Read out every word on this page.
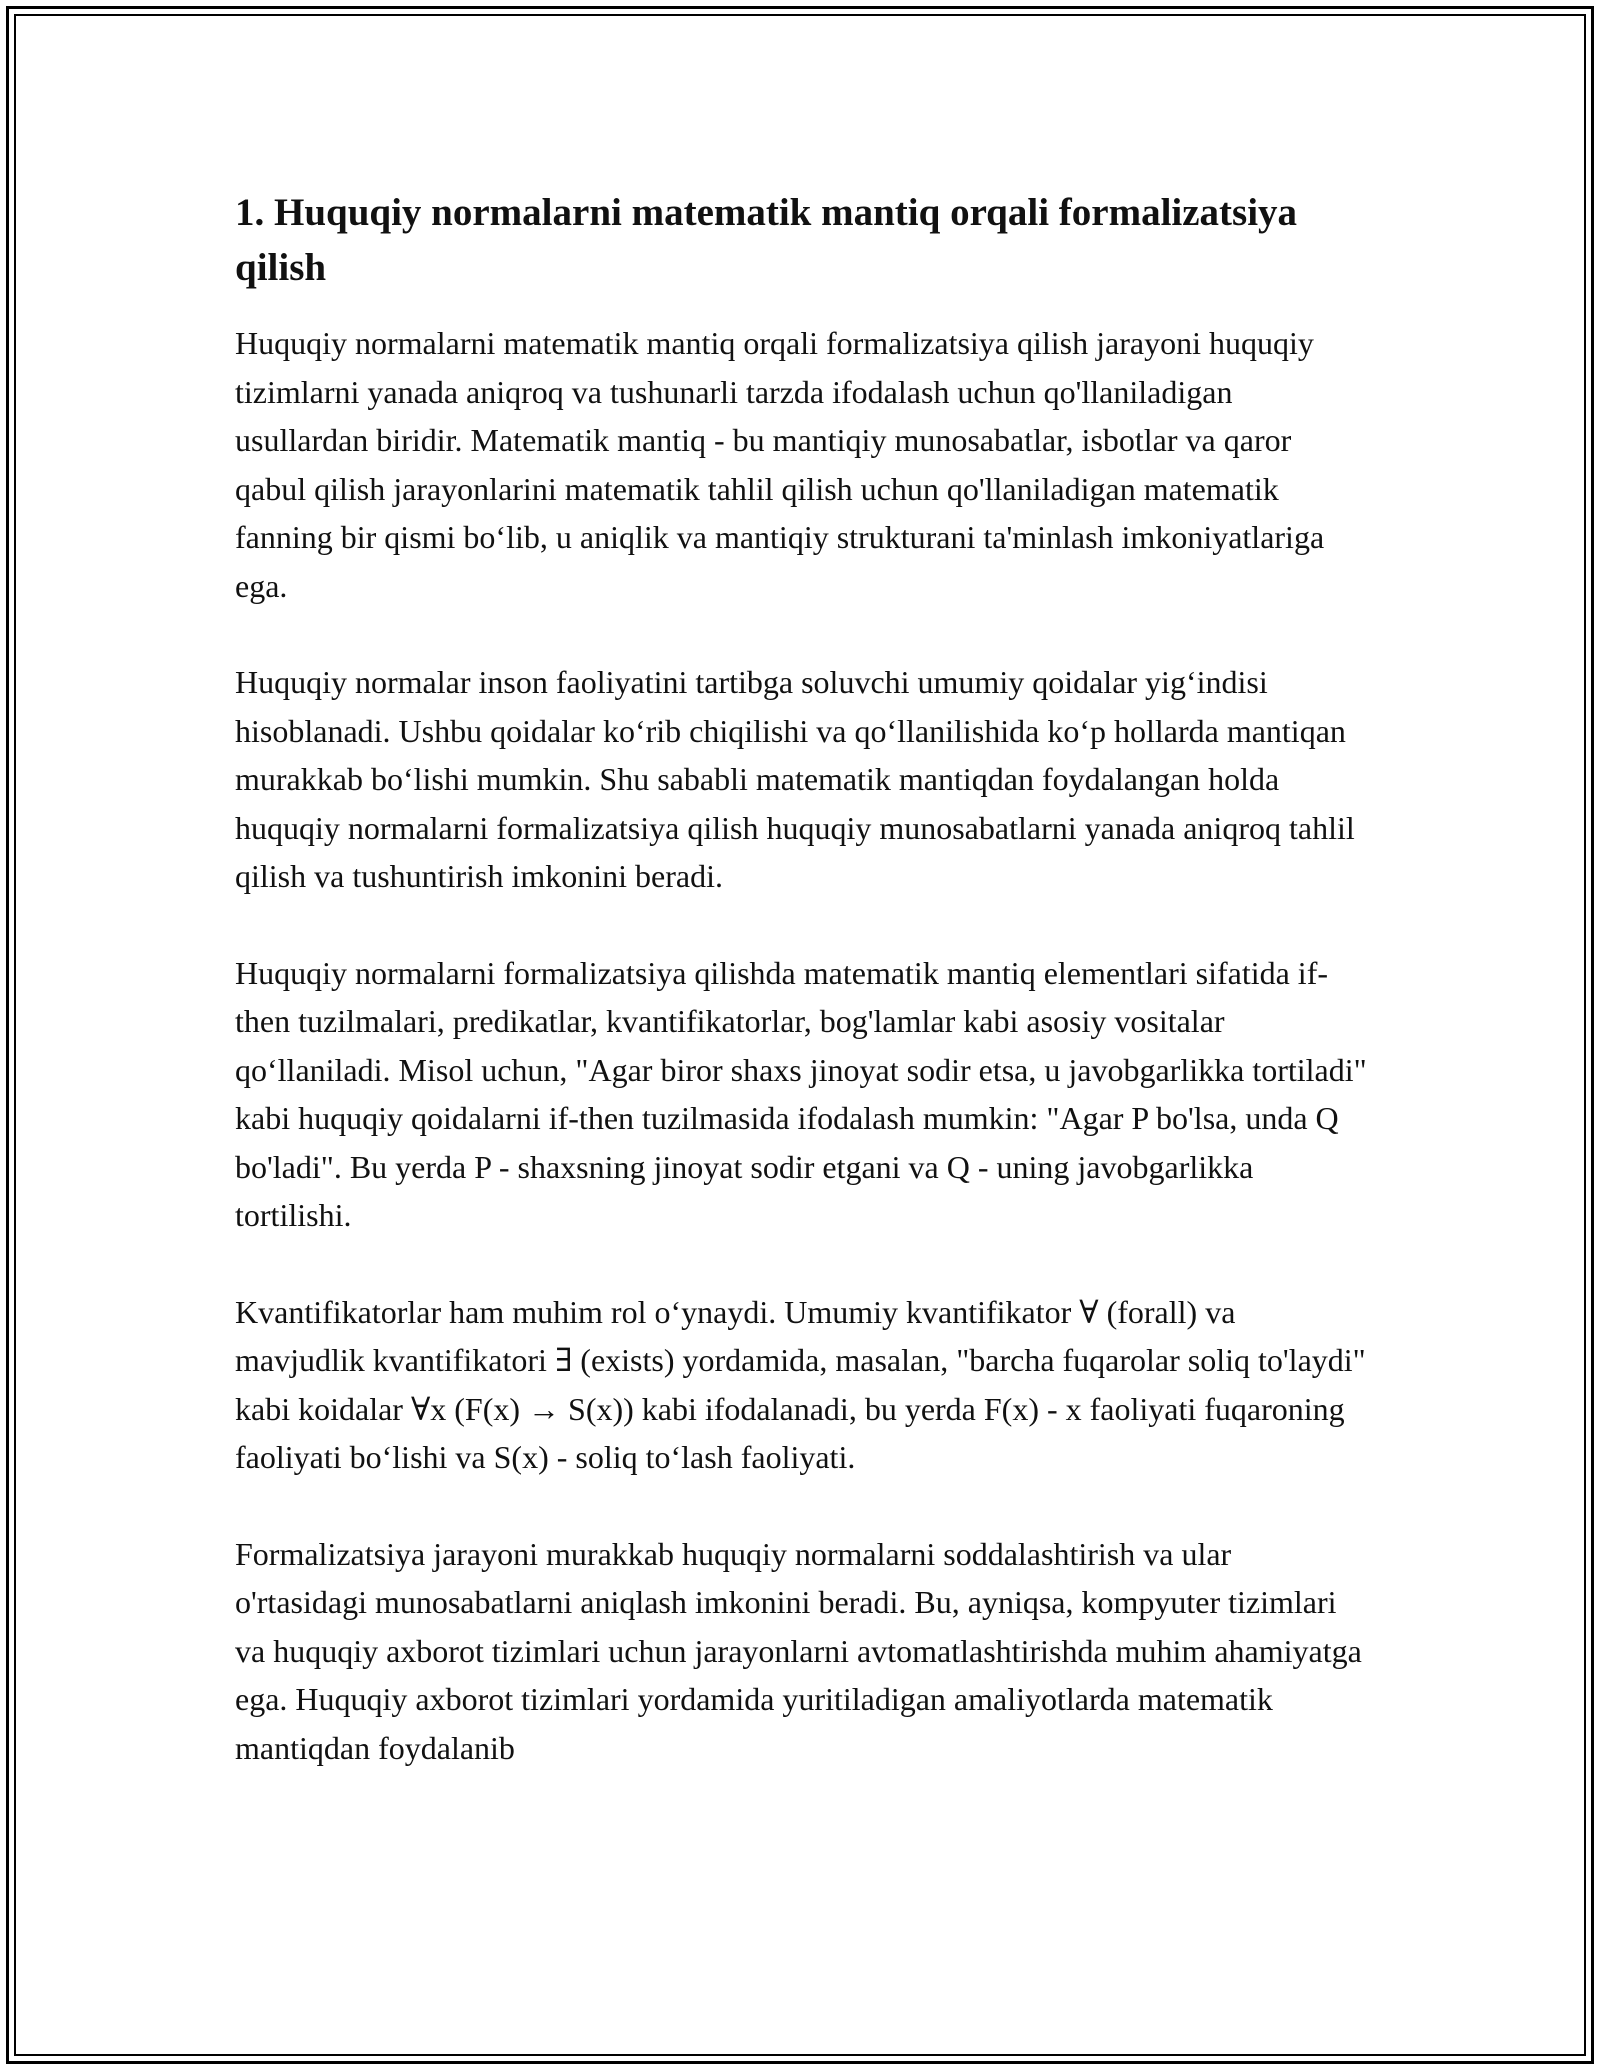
1. Huquqiy normalarni matematik mantiq orqali formalizatsiya qilish

Huquqiy normalarni matematik mantiq orqali formalizatsiya qilish jarayoni huquqiy tizimlarni yanada aniqroq va tushunarli tarzda ifodalash uchun qo'llaniladigan usullardan biridir. Matematik mantiq - bu mantiqiy munosabatlar, isbotlar va qaror qabul qilish jarayonlarini matematik tahlil qilish uchun qo'llaniladigan matematik fanning bir qismi bo‘lib, u aniqlik va mantiqiy strukturani ta'minlash imkoniyatlariga ega.

Huquqiy normalar inson faoliyatini tartibga soluvchi umumiy qoidalar yig‘indisi hisoblanadi. Ushbu qoidalar ko‘rib chiqilishi va qo‘llanilishida ko‘p hollarda mantiqan murakkab bo‘lishi mumkin. Shu sababli matematik mantiqdan foydalangan holda huquqiy normalarni formalizatsiya qilish huquqiy munosabatlarni yanada aniqroq tahlil qilish va tushuntirish imkonini beradi.

Huquqiy normalarni formalizatsiya qilishda matematik mantiq elementlari sifatida if-then tuzilmalari, predikatlar, kvantifikatorlar, bog'lamlar kabi asosiy vositalar qo‘llaniladi. Misol uchun, "Agar biror shaxs jinoyat sodir etsa, u javobgarlikka tortiladi" kabi huquqiy qoidalarni if-then tuzilmasida ifodalash mumkin: "Agar P bo'lsa, unda Q bo'ladi". Bu yerda P - shaxsning jinoyat sodir etgani va Q - uning javobgarlikka tortilishi.

Kvantifikatorlar ham muhim rol o‘ynaydi. Umumiy kvantifikator ∀ (forall) va mavjudlik kvantifikatori ∃ (exists) yordamida, masalan, "barcha fuqarolar soliq to'laydi" kabi koidalar ∀x (F(x) → S(x)) kabi ifodalanadi, bu yerda F(x) - x faoliyati fuqaroning faoliyati bo‘lishi va S(x) - soliq to‘lash faoliyati.

Formalizatsiya jarayoni murakkab huquqiy normalarni soddalashtirish va ular o'rtasidagi munosabatlarni aniqlash imkonini beradi. Bu, ayniqsa, kompyuter tizimlari va huquqiy axborot tizimlari uchun jarayonlarni avtomatlashtirishda muhim ahamiyatga ega. Huquqiy axborot tizimlari yordamida yuritiladigan amaliyotlarda matematik mantiqdan foydalanib
